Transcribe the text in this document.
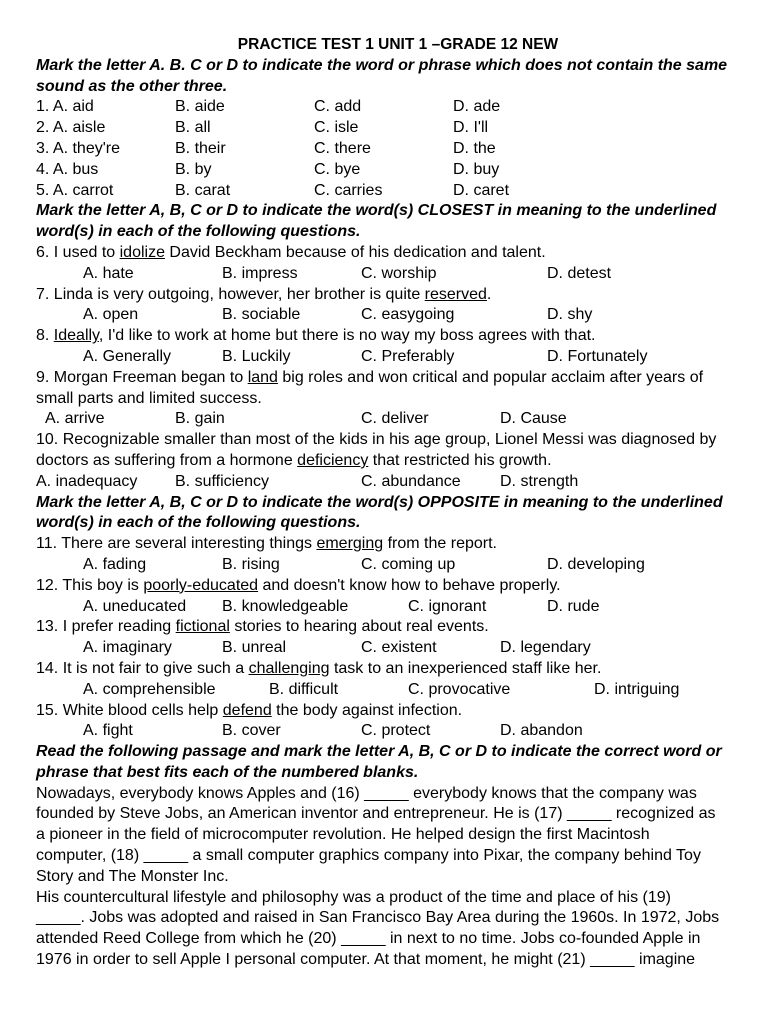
PRACTICE TEST 1 UNIT 1 –GRADE 12 NEW
Mark the letter A. B. C or D to indicate the word or phrase which does not contain the same sound as the other three.
1. A. aid	B. aide	C. add	D. ade
2. A. aisle	B. all	C. isle	D. I'll
3. A. they're	B. their	C. there	D. the
4. A. bus	B. by	C. bye	D. buy
5. A. carrot	B. carat	C. carries	D. caret
Mark the letter A, B, C or D to indicate the word(s) CLOSEST in meaning to the underlined word(s) in each of the following questions.
6. I used to idolize David Beckham because of his dedication and talent.
A. hate	B. impress	C. worship	D. detest
7. Linda is very outgoing, however, her brother is quite reserved.
A. open	B. sociable	C. easygoing	D. shy
8. Ideally, I'd like to work at home but there is no way my boss agrees with that.
A. Generally	B. Luckily	C. Preferably	D. Fortunately
9. Morgan Freeman began to land big roles and won critical and popular acclaim after years of
small parts and limited success.
A. arrive	B. gain	C. deliver	D. Cause
10. Recognizable smaller than most of the kids in his age group, Lionel Messi was diagnosed by
doctors as suffering from a hormone deficiency that restricted his growth.
A. inadequacy	B. sufficiency	C. abundance	D. strength
Mark the letter A, B, C or D to indicate the word(s) OPPOSITE in meaning to the underlined word(s) in each of the following questions.
11. There are several interesting things emerging from the report.
A. fading	B. rising	C. coming up	D. developing
12. This boy is poorly-educated and doesn't know how to behave properly.
A. uneducated	B. knowledgeable	C. ignorant	D. rude
13. I prefer reading fictional stories to hearing about real events.
A. imaginary	B. unreal	C. existent	D. legendary
14. It is not fair to give such a challenging task to an inexperienced staff like her.
A. comprehensible	B. difficult	C. provocative	D. intriguing
15. White blood cells help defend the body against infection.
A. fight	B. cover	C. protect	D. abandon
Read the following passage and mark the letter A, B, C or D to indicate the correct word or phrase that best fits each of the numbered blanks.
Nowadays, everybody knows Apples and (16) _____ everybody knows that the company was
founded by Steve Jobs, an American inventor and entrepreneur. He is (17) _____ recognized as
a pioneer in the field of microcomputer revolution. He helped design the first Macintosh
computer, (18) _____ a small computer graphics company into Pixar, the company behind Toy
Story and The Monster Inc.
His countercultural lifestyle and philosophy was a product of the time and place of his (19)
_____. Jobs was adopted and raised in San Francisco Bay Area during the 1960s. In 1972, Jobs
attended Reed College from which he (20) _____ in next to no time. Jobs co-founded Apple in
1976 in order to sell Apple I personal computer. At that moment, he might (21) _____ imagine
